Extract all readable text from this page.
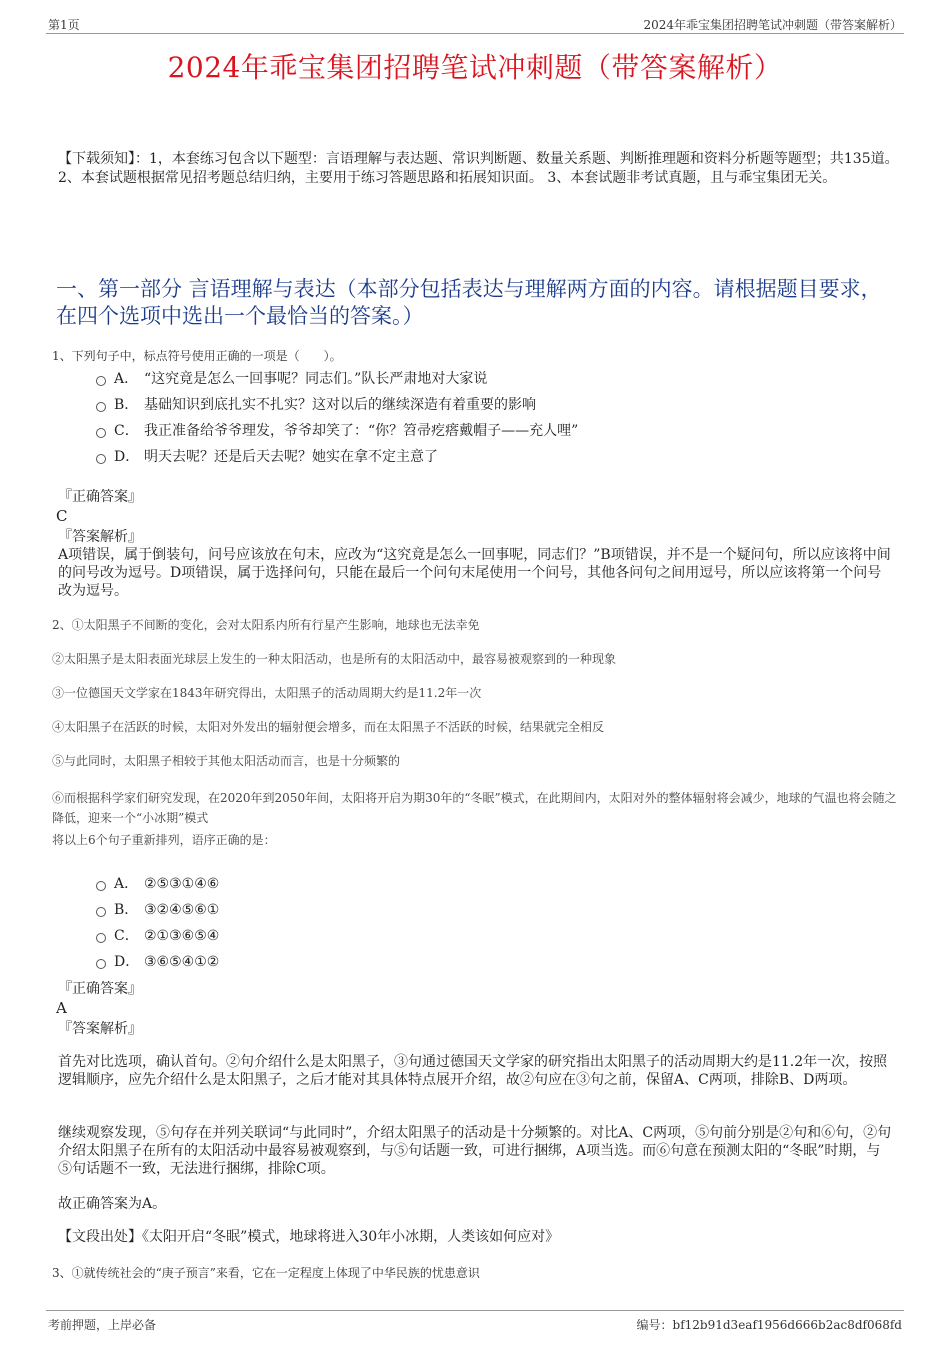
第1页	2024年乖宝集团招聘笔试冲刺题（带答案解析）
2024年乖宝集团招聘笔试冲刺题（带答案解析）
【下载须知】：1，本套练习包含以下题型：言语理解与表达题、常识判断题、数量关系题、判断推理题和资料分析题等题型；共135道。 2、本套试题根据常见招考题总结归纳，主要用于练习答题思路和拓展知识面。 3、本套试题非考试真题，且与乖宝集团无关。
一、第一部分 言语理解与表达（本部分包括表达与理解两方面的内容。请根据题目要求，在四个选项中选出一个最恰当的答案。）
1、下列句子中，标点符号使用正确的一项是（　　）。
A． “这究竟是怎么一回事呢？同志们。”队长严肃地对大家说
B． 基础知识到底扎实不扎实？这对以后的继续深造有着重要的影响
C． 我正准备给爷爷理发，爷爷却笑了：“你？笤帚疙瘩戴帽子——充人哩”
D． 明天去呢？还是后天去呢？她实在拿不定主意了
『正确答案』
C
『答案解析』
A项错误，属于倒装句，问号应该放在句末，应改为“这究竟是怎么一回事呢，同志们？”B项错误，并不是一个疑问句，所以应该将中间的问号改为逗号。D项错误，属于选择问句，只能在最后一个问句末尾使用一个问号，其他各问句之间用逗号，所以应该将第一个问号改为逗号。
2、①太阳黑子不间断的变化，会对太阳系内所有行星产生影响，地球也无法幸免
②太阳黑子是太阳表面光球层上发生的一种太阳活动，也是所有的太阳活动中，最容易被观察到的一种现象
③一位德国天文学家在1843年研究得出，太阳黑子的活动周期大约是11.2年一次
④太阳黑子在活跃的时候，太阳对外发出的辐射便会增多，而在太阳黑子不活跃的时候，结果就完全相反
⑤与此同时，太阳黑子相较于其他太阳活动而言，也是十分频繁的
⑥而根据科学家们研究发现，在2020年到2050年间，太阳将开启为期30年的“冬眠”模式，在此期间内，太阳对外的整体辐射将会减少，地球的气温也将会随之降低，迎来一个“小冰期”模式
将以上6个句子重新排列，语序正确的是：
A． ②⑤③①④⑥
B． ③②④⑤⑥①
C． ②①③⑥⑤④
D． ③⑥⑤④①②
『正确答案』
A
『答案解析』
首先对比选项，确认首句。②句介绍什么是太阳黑子，③句通过德国天文学家的研究指出太阳黑子的活动周期大约是11.2年一次，按照逻辑顺序，应先介绍什么是太阳黑子，之后才能对其具体特点展开介绍，故②句应在③句之前，保留A、C两项，排除B、D两项。
继续观察发现，⑤句存在并列关联词“与此同时”，介绍太阳黑子的活动是十分频繁的。对比A、C两项，⑤句前分别是②句和⑥句，②句介绍太阳黑子在所有的太阳活动中最容易被观察到，与⑤句话题一致，可进行捆绑，A项当选。而⑥句意在预测太阳的“冬眠”时期，与⑤句话题不一致，无法进行捆绑，排除C项。
故正确答案为A。
【文段出处】《太阳开启“冬眠”模式，地球将进入30年小冰期，人类该如何应对》
3、①就传统社会的“庚子预言”来看，它在一定程度上体现了中华民族的忧患意识
考前押题，上岸必备	编号：bf12b91d3eaf1956d666b2ac8df068fd
